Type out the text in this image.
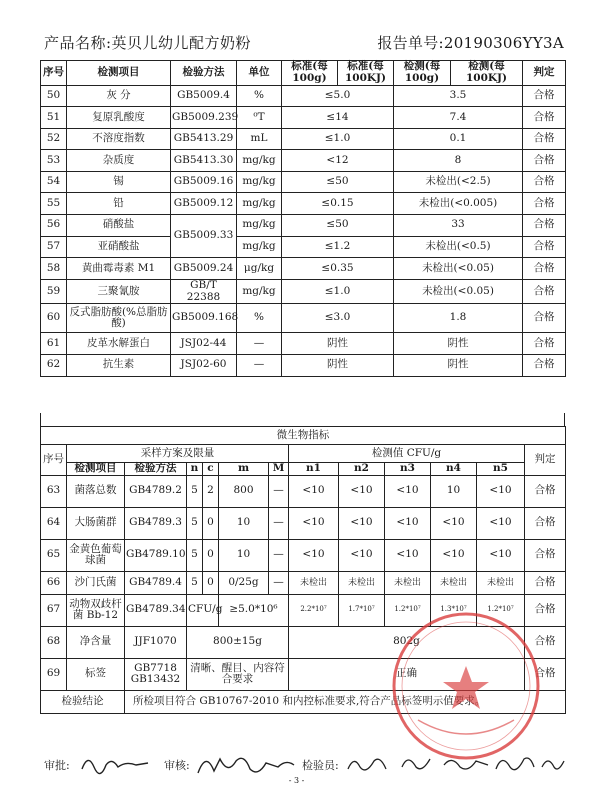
产品名称:英贝儿幼儿配方奶粉	报告单号:20190306YY3A
序号	检测项目	检验方法	单位	标准(每100g)	标准(每100KJ)	检测(每100g)	检测(每100KJ)	判定
50	灰 分	GB5009.4	%	≤5.0		3.5		合格
51	复原乳酸度	GB5009.239	⁰T	≤14		7.4		合格
52	不溶度指数	GB5413.29	mL	≤1.0		0.1		合格
53	杂质度	GB5413.30	mg/kg	<12		8		合格
54	锡	GB5009.16	mg/kg	≤50		未检出(<2.5)		合格
55	铅	GB5009.12	mg/kg	≤0.15		未检出(<0.005)		合格
56	硝酸盐	GB5009.33	mg/kg	≤50		33		合格
57	亚硝酸盐		mg/kg	≤1.2		未检出(<0.5)		合格
58	黄曲霉毒素 M1	GB5009.24	μg/kg	≤0.35		未检出(<0.05)		合格
59	三聚氰胺	GB/T 22388	mg/kg	≤1.0		未检出(<0.05)		合格
60	反式脂肪酸(%总脂肪酸)	GB5009.168	%	≤3.0		1.8		合格
61	皮革水解蛋白	JSJ02-44	—	阴性		阴性		合格
62	抗生素	JSJ02-60	—	阴性		阴性		合格
微生物指标												
序号	采样方案及限量						检测值 CFU/g					判定
	检测项目	检验方法	n	c	m	M	n1	n2	n3	n4	n5	
63	菌落总数	GB4789.2	5	2	800	—	<10	<10	<10	10	<10	合格
64	大肠菌群	GB4789.3	5	0	10	—	<10	<10	<10	<10	<10	合格
65	金黄色葡萄球菌	GB4789.10	5	0	10	—	<10	<10	<10	<10	<10	合格
66	沙门氏菌	GB4789.4	5	0	0/25g	—	未检出	未检出	未检出	未检出	未检出	合格
67	动物双歧杆菌 Bb-12	GB4789.34	CFU/g		≥5.0*10⁶		2.2*10⁷	1.7*10⁷	1.2*10⁷	1.3*10⁷	1.2*10⁷	合格
68	净含量	JJF1070	800±15g				802g					合格
69	标签	GB7718 GB13432	清晰、醒目、内容符合要求				正确					合格
检验结论		所检项目符合 GB10767-2010 和内控标准要求,符合产品标签明示值要求。										
审批:	审核:	检验员:
- 3 -
